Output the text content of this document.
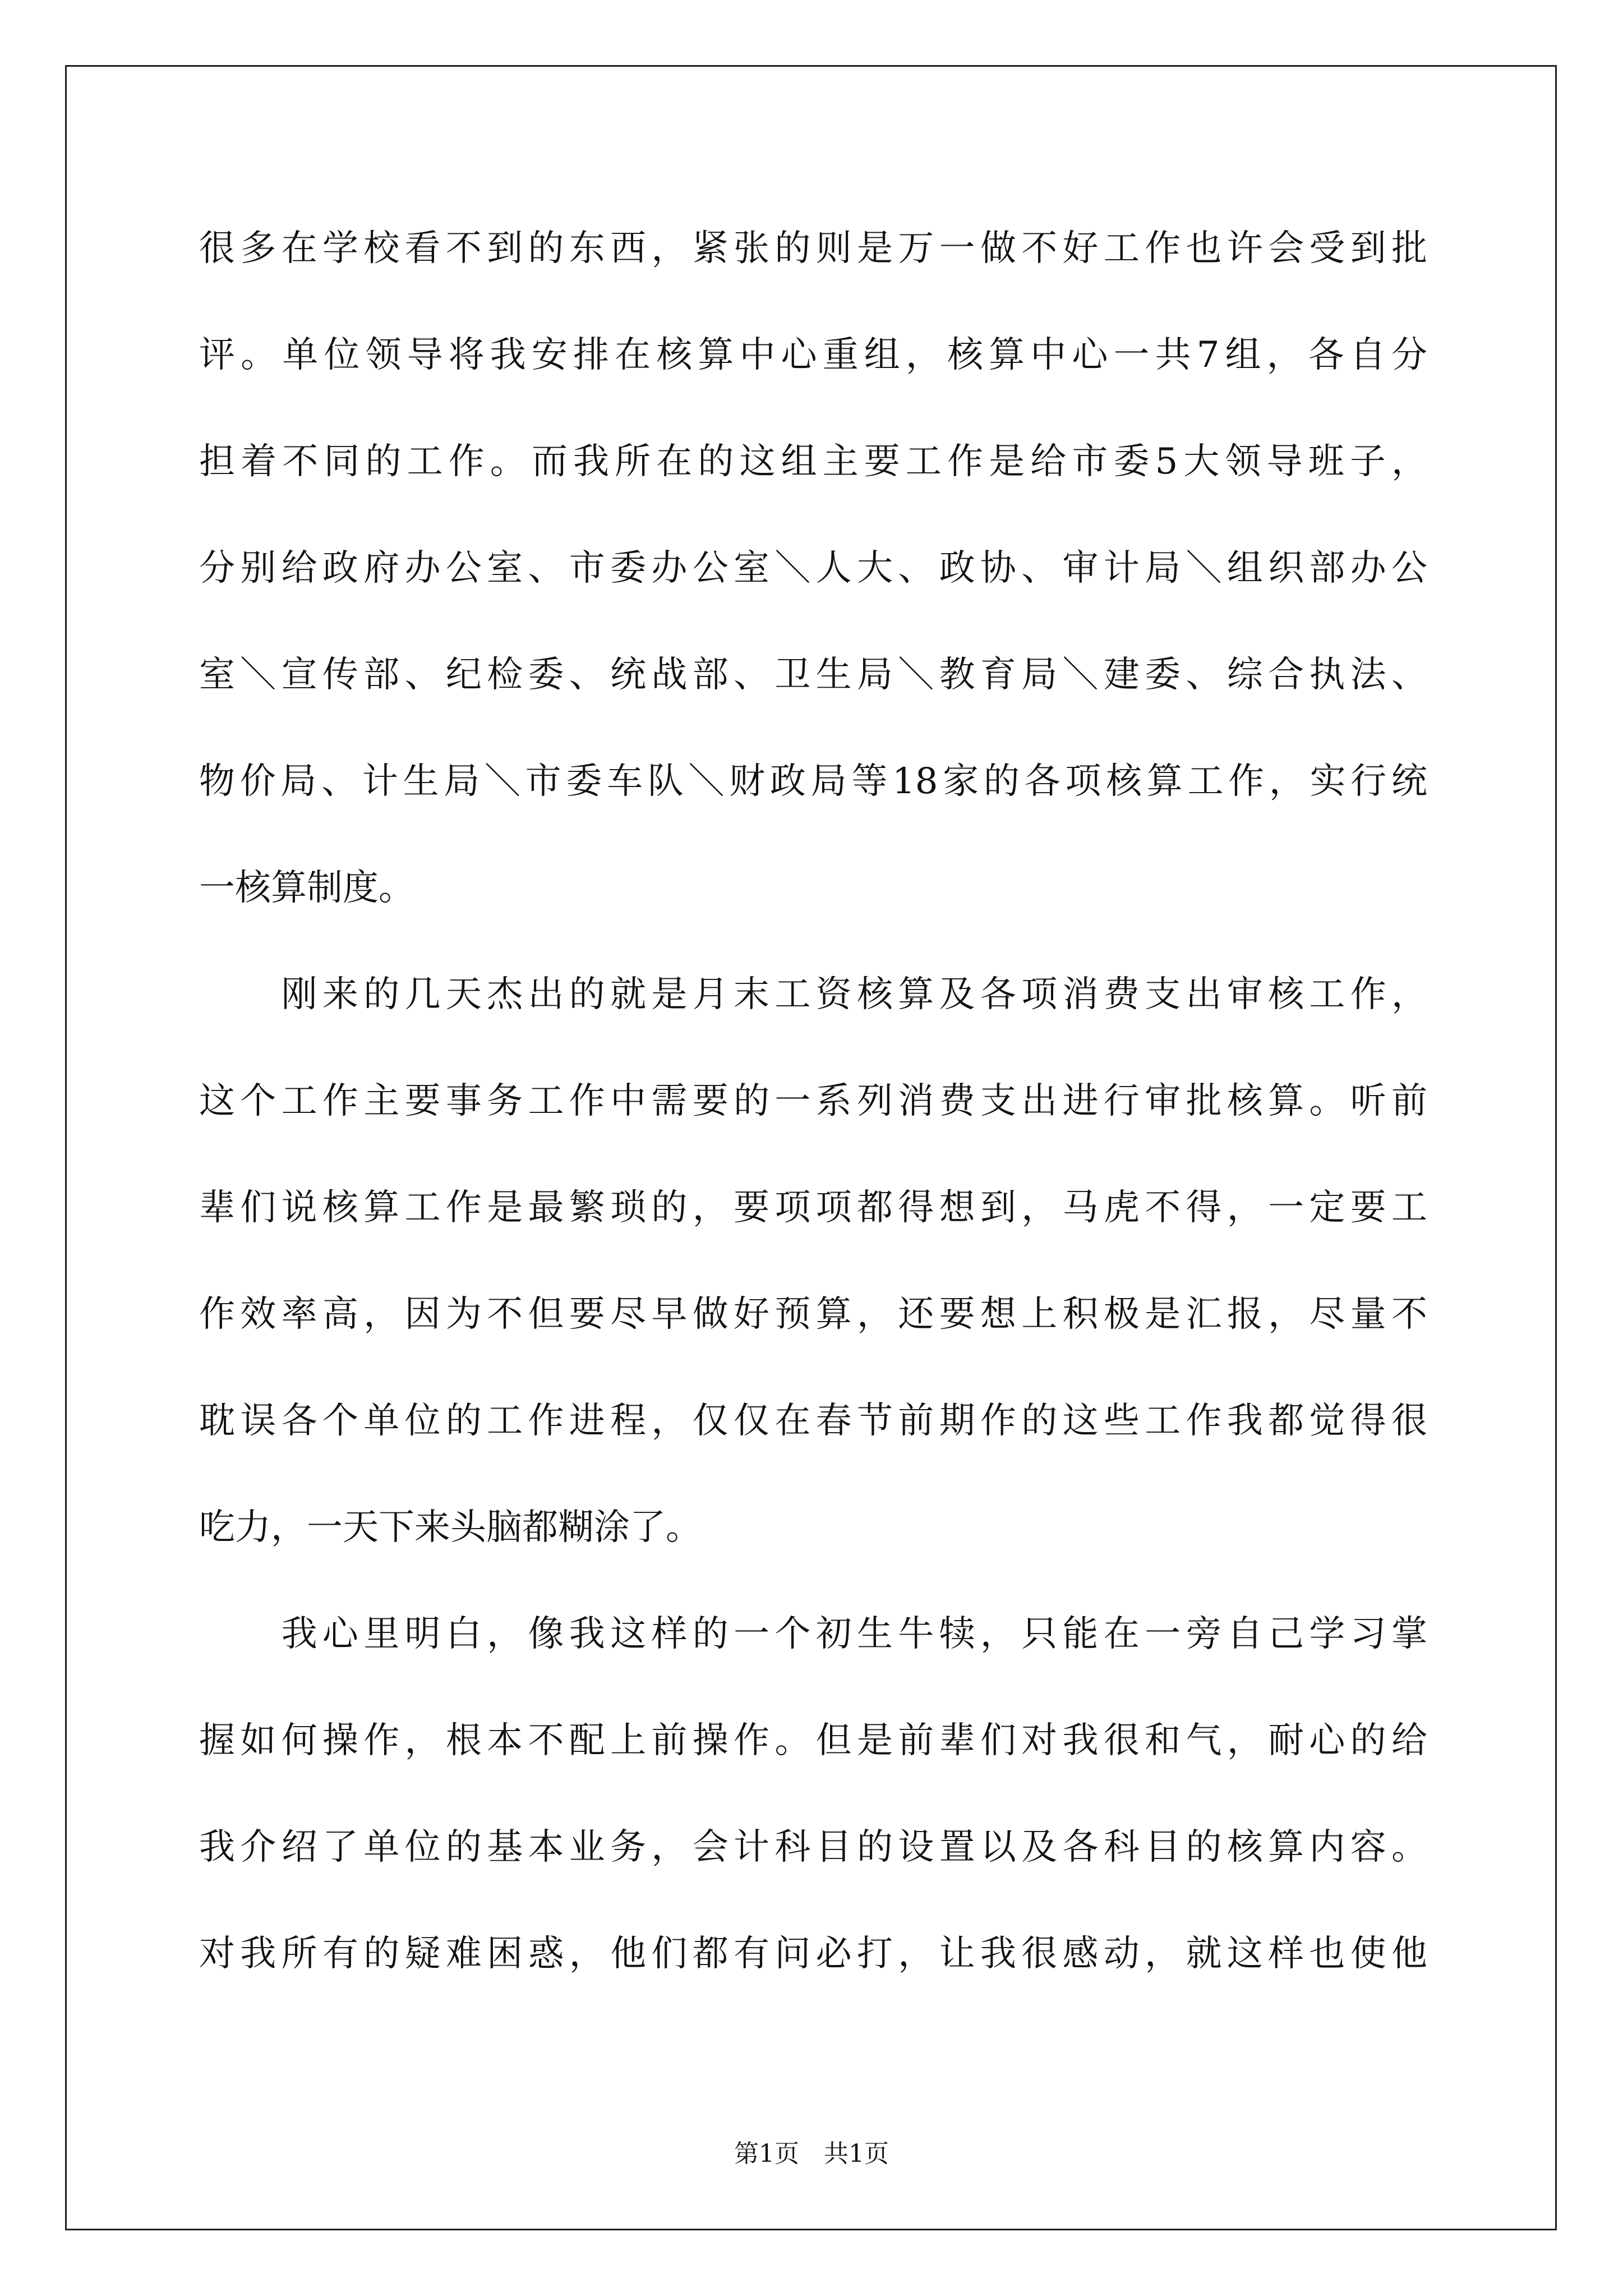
很多在学校看不到的东西，紧张的则是万一做不好工作也许会受到批
评。单位领导将我安排在核算中心重组，核算中心一共7组，各自分
担着不同的工作。而我所在的这组主要工作是给市委5大领导班子，
分别给政府办公室、市委办公室＼人大、政协、审计局＼组织部办公
室＼宣传部、纪检委、统战部、卫生局＼教育局＼建委、综合执法、
物价局、计生局＼市委车队＼财政局等18家的各项核算工作，实行统
一核算制度。
　　刚来的几天杰出的就是月末工资核算及各项消费支出审核工作，
这个工作主要事务工作中需要的一系列消费支出进行审批核算。听前
辈们说核算工作是最繁琐的，要项项都得想到，马虎不得，一定要工
作效率高，因为不但要尽早做好预算，还要想上积极是汇报，尽量不
耽误各个单位的工作进程，仅仅在春节前期作的这些工作我都觉得很
吃力，一天下来头脑都糊涂了。
　　我心里明白，像我这样的一个初生牛犊，只能在一旁自己学习掌
握如何操作，根本不配上前操作。但是前辈们对我很和气，耐心的给
我介绍了单位的基本业务，会计科目的设置以及各科目的核算内容。
对我所有的疑难困惑，他们都有问必打，让我很感动，就这样也使他
第1页　共1页
